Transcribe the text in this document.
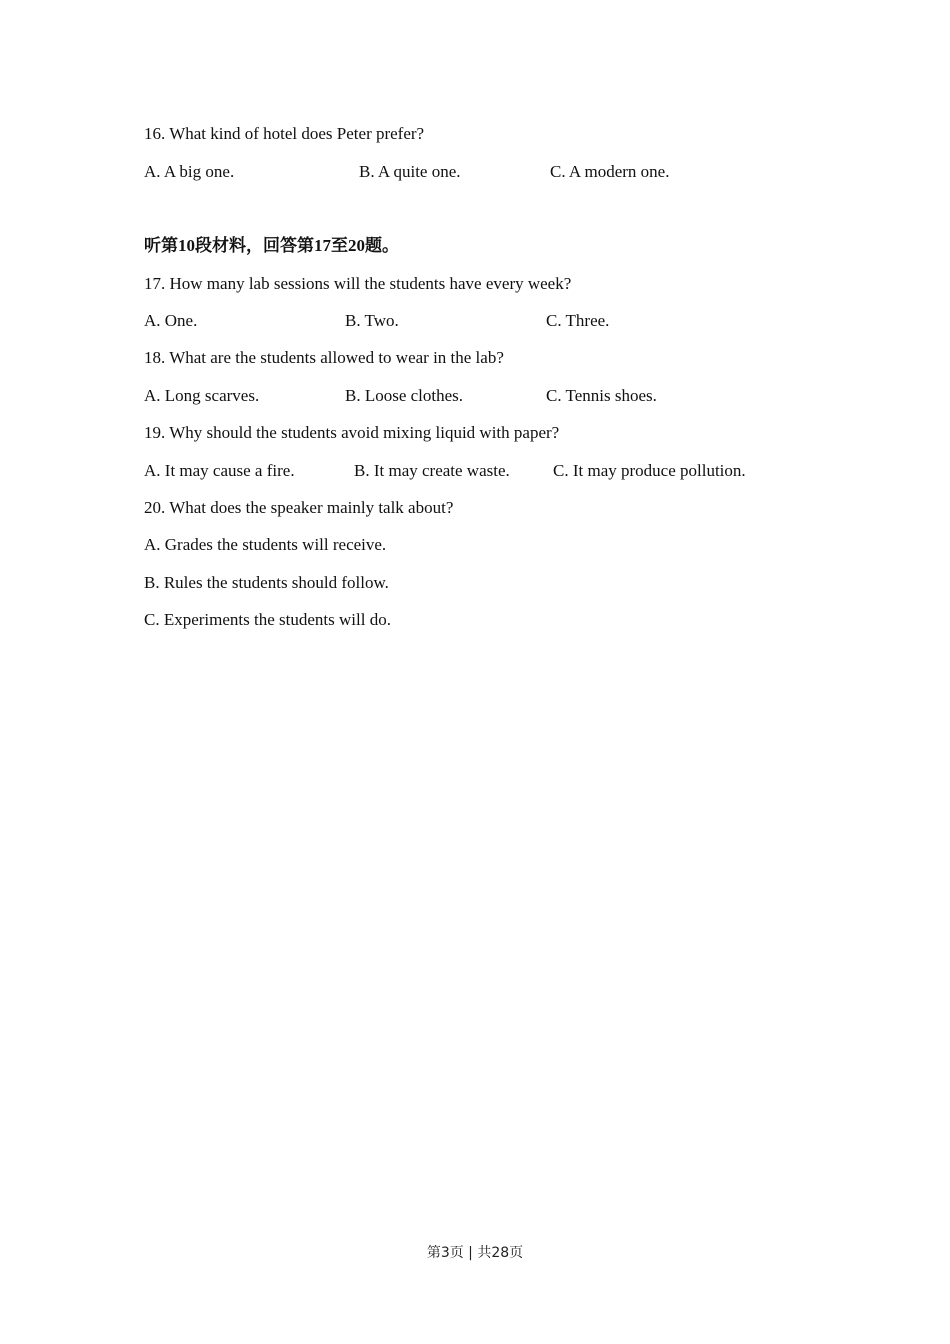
16. What kind of hotel does Peter prefer?
A. A big one.	B. A quite one.	C. A modern one.
听第10段材料，回答第17至20题。
17. How many lab sessions will the students have every week?
A. One.	B. Two.	C. Three.
18. What are the students allowed to wear in the lab?
A. Long scarves.	B. Loose clothes.	C. Tennis shoes.
19. Why should the students avoid mixing liquid with paper?
A. It may cause a fire.	B. It may create waste.	C. It may produce pollution.
20. What does the speaker mainly talk about?
A. Grades the students will receive.
B. Rules the students should follow.
C. Experiments the students will do.
第3页 | 共28页
